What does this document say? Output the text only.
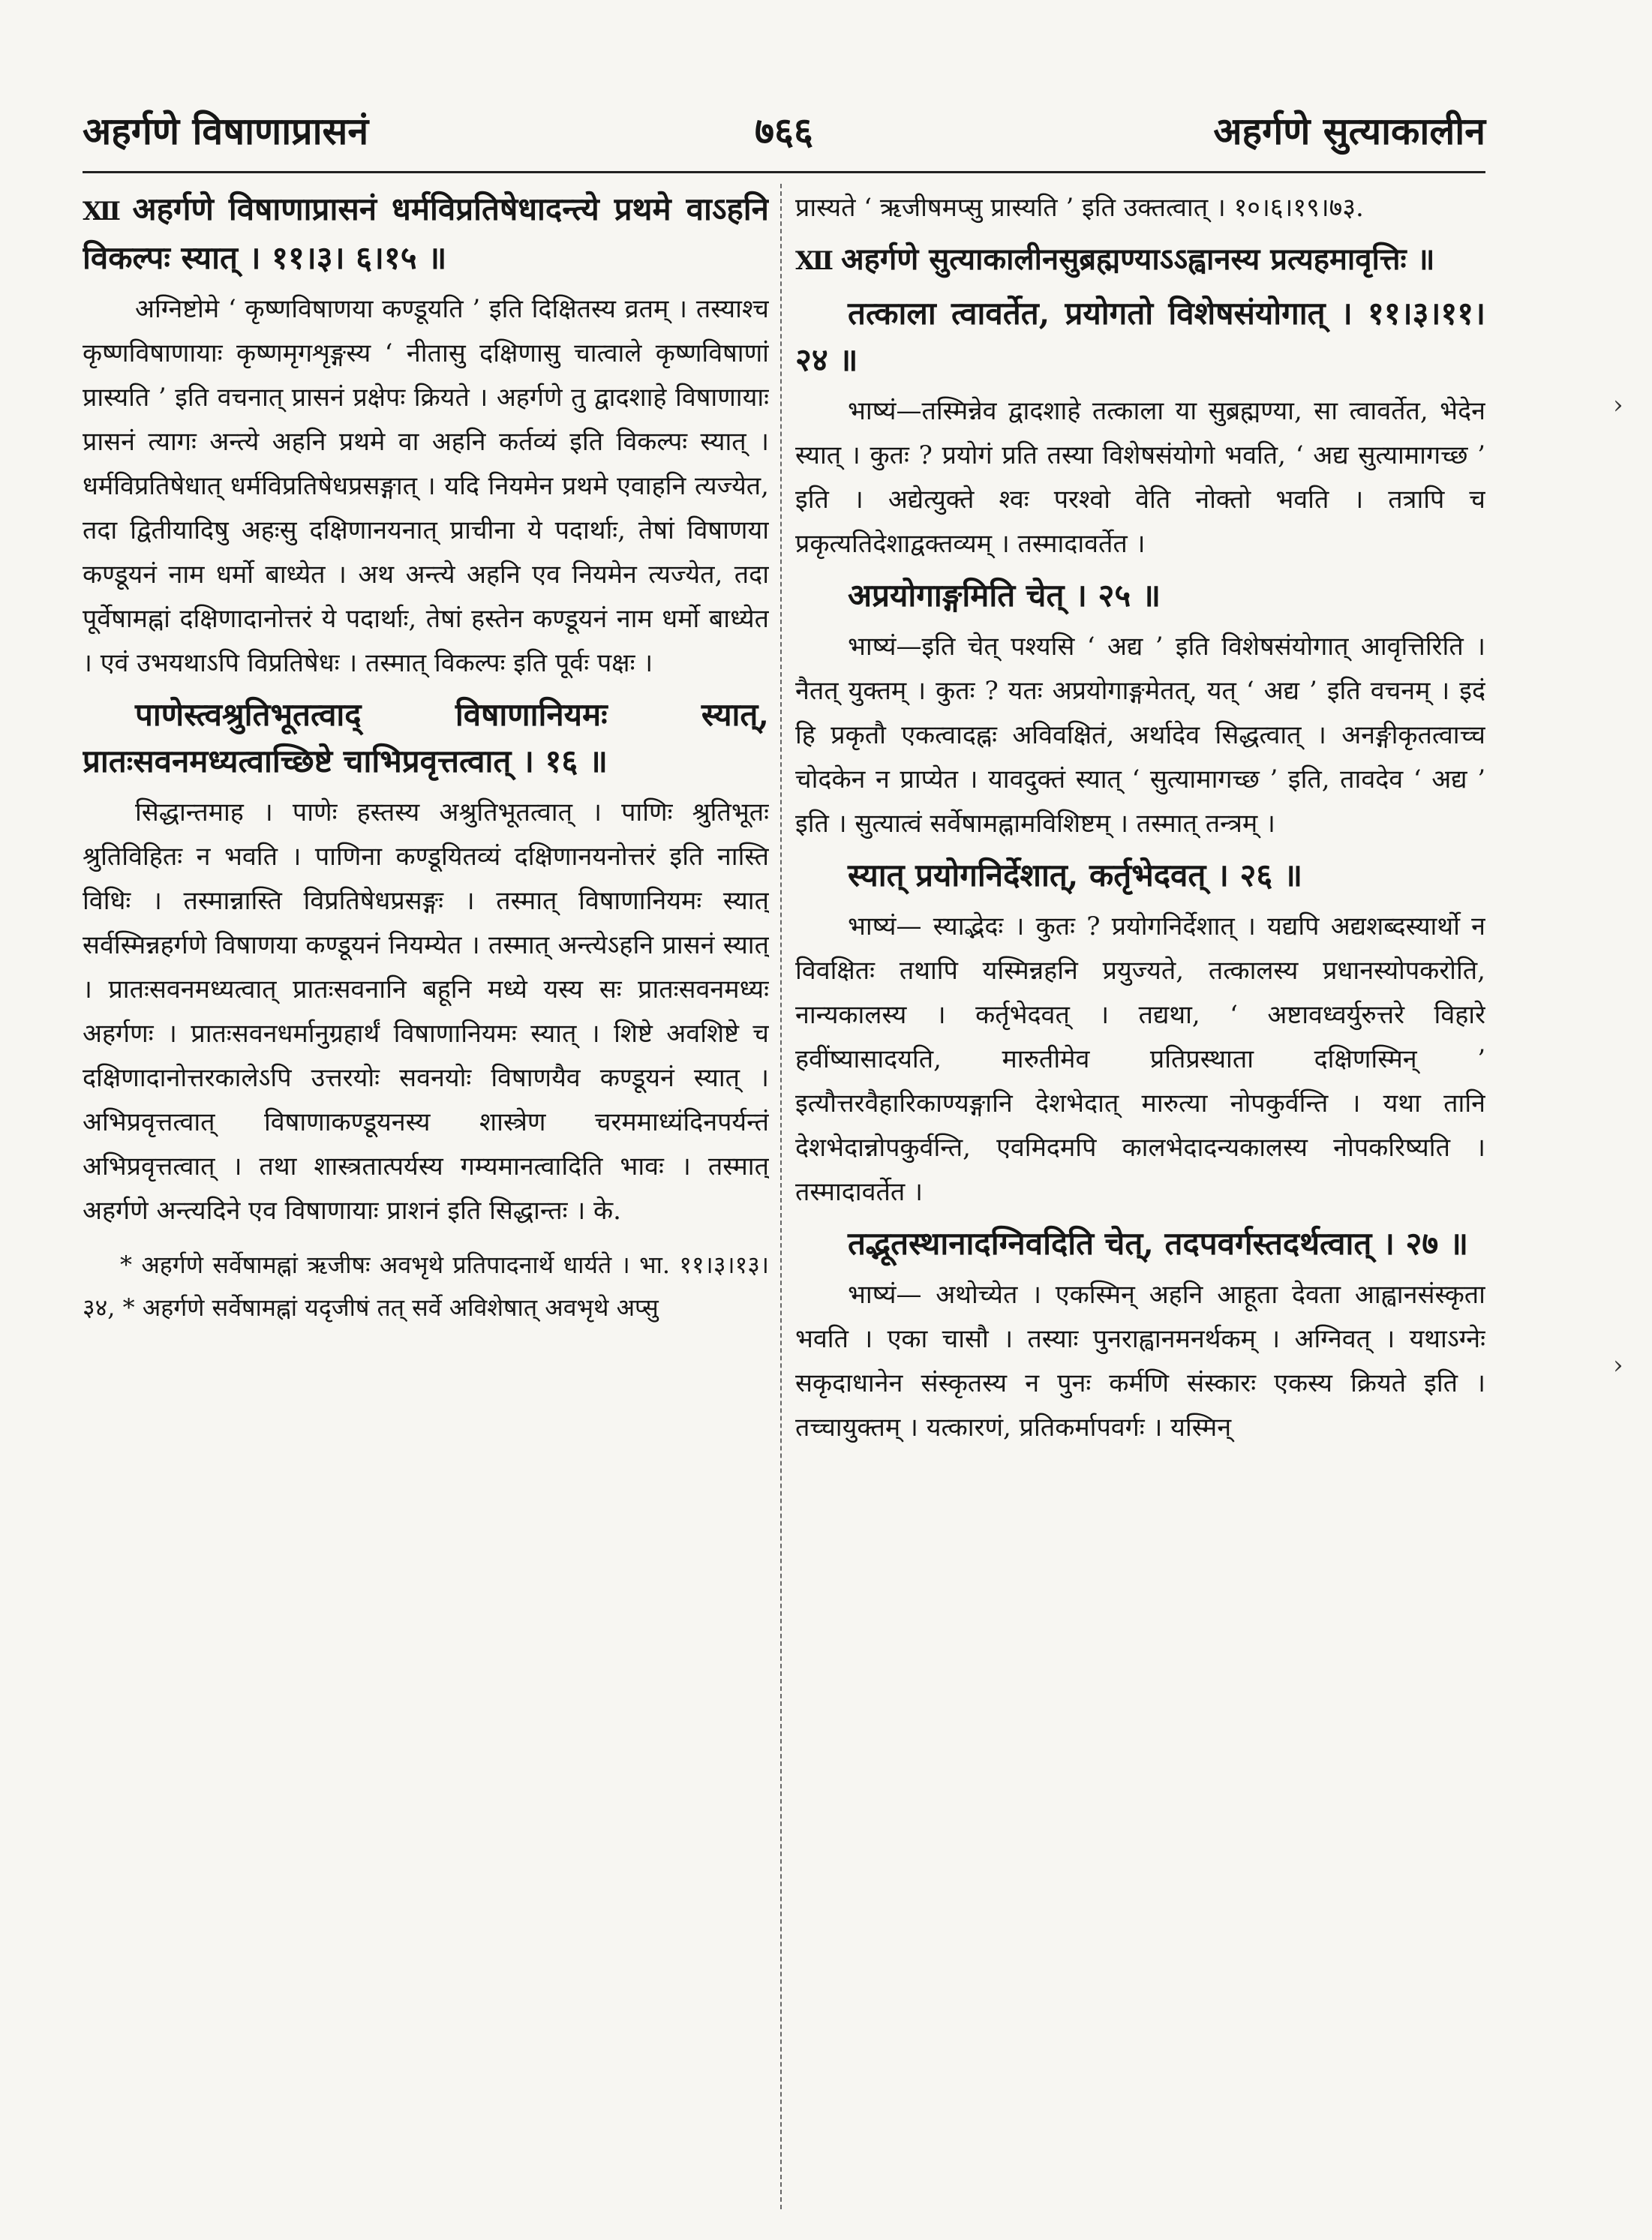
अहर्गणे विषाणाप्रासनं	७६६	अहर्गणे सुत्याकालीन
Ⅻ अहर्गणे विषाणाप्रासनं धर्मविप्रतिषेधादन्त्ये प्रथमे वाऽहनि विकल्पः स्यात् । ११।३। ६।१५ ॥
अग्निष्टोमे ‘ कृष्णविषाणया कण्डूयति ’ इति दिक्षितस्य व्रतम् । तस्याश्च कृष्णविषाणायाः कृष्णमृगशृङ्गस्य ‘ नीतासु दक्षिणासु चात्वाले कृष्णविषाणां प्रास्यति ’ इति वचनात् प्रासनं प्रक्षेपः क्रियते । अहर्गणे तु द्वादशाहे विषाणायाः प्रासनं त्यागः अन्त्ये अहनि प्रथमे वा अहनि कर्तव्यं इति विकल्पः स्यात् । धर्मविप्रतिषेधात् धर्मविप्रतिषेधप्रसङ्गात् । यदि नियमेन प्रथमे एवाहनि त्यज्येत, तदा द्वितीयादिषु अहःसु दक्षिणानयनात् प्राचीना ये पदार्थाः, तेषां विषाणया कण्डूयनं नाम धर्मो बाध्येत । अथ अन्त्ये अहनि एव नियमेन त्यज्येत, तदा पूर्वेषामह्नां दक्षिणादानोत्तरं ये पदार्थाः, तेषां हस्तेन कण्डूयनं नाम धर्मो बाध्येत । एवं उभयथाऽपि विप्रतिषेधः । तस्मात् विकल्पः इति पूर्वः पक्षः ।
पाणेस्त्वश्रुतिभूतत्वाद् विषाणानियमः स्यात्, प्रातःसवनमध्यत्वाच्छिष्टे चाभिप्रवृत्तत्वात् । १६ ॥
सिद्धान्तमाह । पाणेः हस्तस्य अश्रुतिभूतत्वात् । पाणिः श्रुतिभूतः श्रुतिविहितः न भवति । पाणिना कण्डूयितव्यं दक्षिणानयनोत्तरं इति नास्ति विधिः । तस्मान्नास्ति विप्रतिषेधप्रसङ्गः । तस्मात् विषाणानियमः स्यात् सर्वस्मिन्नहर्गणे विषाणया कण्डूयनं नियम्येत । तस्मात् अन्त्येऽहनि प्रासनं स्यात् । प्रातःसवनमध्यत्वात् प्रातःसवनानि बहूनि मध्ये यस्य सः प्रातःसवनमध्यः अहर्गणः । प्रातःसवनधर्मानुग्रहार्थं विषाणानियमः स्यात् । शिष्टे अवशिष्टे च दक्षिणादानोत्तरकालेऽपि उत्तरयोः सवनयोः विषाणयैव कण्डूयनं स्यात् । अभिप्रवृत्तत्वात् विषाणाकण्डूयनस्य शास्त्रेण चरममाध्यंदिनपर्यन्तं अभिप्रवृत्तत्वात् । तथा शास्त्रतात्पर्यस्य गम्यमानत्वादिति भावः । तस्मात् अहर्गणे अन्त्यदिने एव विषाणायाः प्राशनं इति सिद्धान्तः । के.
* अहर्गणे सर्वेषामह्नां ऋजीषः अवभृथे प्रतिपादनार्थे धार्यते । भा. ११।३।१३।३४, * अहर्गणे सर्वेषामह्नां यदृजीषं तत् सर्वे अविशेषात् अवभृथे अप्सु
प्रास्यते ‘ ऋजीषमप्सु प्रास्यति ’ इति उक्तत्वात् । १०।६।१९।७३.
Ⅻ अहर्गणे सुत्याकालीनसुब्रह्मण्याऽऽह्वानस्य प्रत्यहमावृत्तिः ॥
तत्काला त्वावर्तेत, प्रयोगतो विशेषसंयोगात् । ११।३।११।२४ ॥
भाष्यं—तस्मिन्नेव द्वादशाहे तत्काला या सुब्रह्मण्या, सा त्वावर्तेत, भेदेन स्यात् । कुतः ? प्रयोगं प्रति तस्या विशेषसंयोगो भवति, ‘ अद्य सुत्यामागच्छ ’ इति । अद्येत्युक्ते श्वः परश्वो वेति नोक्तो भवति । तत्रापि च प्रकृत्यतिदेशाद्वक्तव्यम् । तस्मादावर्तेत ।
अप्रयोगाङ्गमिति चेत् । २५ ॥
भाष्यं—इति चेत् पश्यसि ‘ अद्य ’ इति विशेषसंयोगात् आवृत्तिरिति । नैतत् युक्तम् । कुतः ? यतः अप्रयोगाङ्गमेतत्, यत् ‘ अद्य ’ इति वचनम् । इदं हि प्रकृतौ एकत्वादह्नः अविवक्षितं, अर्थादेव सिद्धत्वात् । अनङ्गीकृतत्वाच्च चोदकेन न प्राप्येत । यावदुक्तं स्यात् ‘ सुत्यामागच्छ ’ इति, तावदेव ‘ अद्य ’ इति । सुत्यात्वं सर्वेषामह्नामविशिष्टम् । तस्मात् तन्त्रम् ।
स्यात् प्रयोगनिर्देशात्, कर्तृभेदवत् । २६ ॥
भाष्यं— स्याद्भेदः । कुतः ? प्रयोगनिर्देशात् । यद्यपि अद्यशब्दस्यार्थो न विवक्षितः तथापि यस्मिन्नहनि प्रयुज्यते, तत्कालस्य प्रधानस्योपकरोति, नान्यकालस्य । कर्तृभेदवत् । तद्यथा, ‘ अष्टावध्वर्युरुत्तरे विहारे हवींष्यासादयति, मारुतीमेव प्रतिप्रस्थाता दक्षिणस्मिन् ’ इत्यौत्तरवैहारिकाण्यङ्गानि देशभेदात् मारुत्या नोपकुर्वन्ति । यथा तानि देशभेदान्नोपकुर्वन्ति, एवमिदमपि कालभेदादन्यकालस्य नोपकरिष्यति । तस्मादावर्तेत ।
तद्भूतस्थानादग्निवदिति चेत्, तदपवर्गस्तदर्थत्वात् । २७ ॥
भाष्यं— अथोच्येत । एकस्मिन् अहनि आहूता देवता आह्वानसंस्कृता भवति । एका चासौ । तस्याः पुनराह्वानमनर्थकम् । अग्निवत् । यथाऽग्नेः सकृदाधानेन संस्कृतस्य न पुनः कर्मणि संस्कारः एकस्य क्रियते इति । तच्चायुक्तम् । यत्कारणं, प्रतिकर्मापवर्गः । यस्मिन्
›
›
